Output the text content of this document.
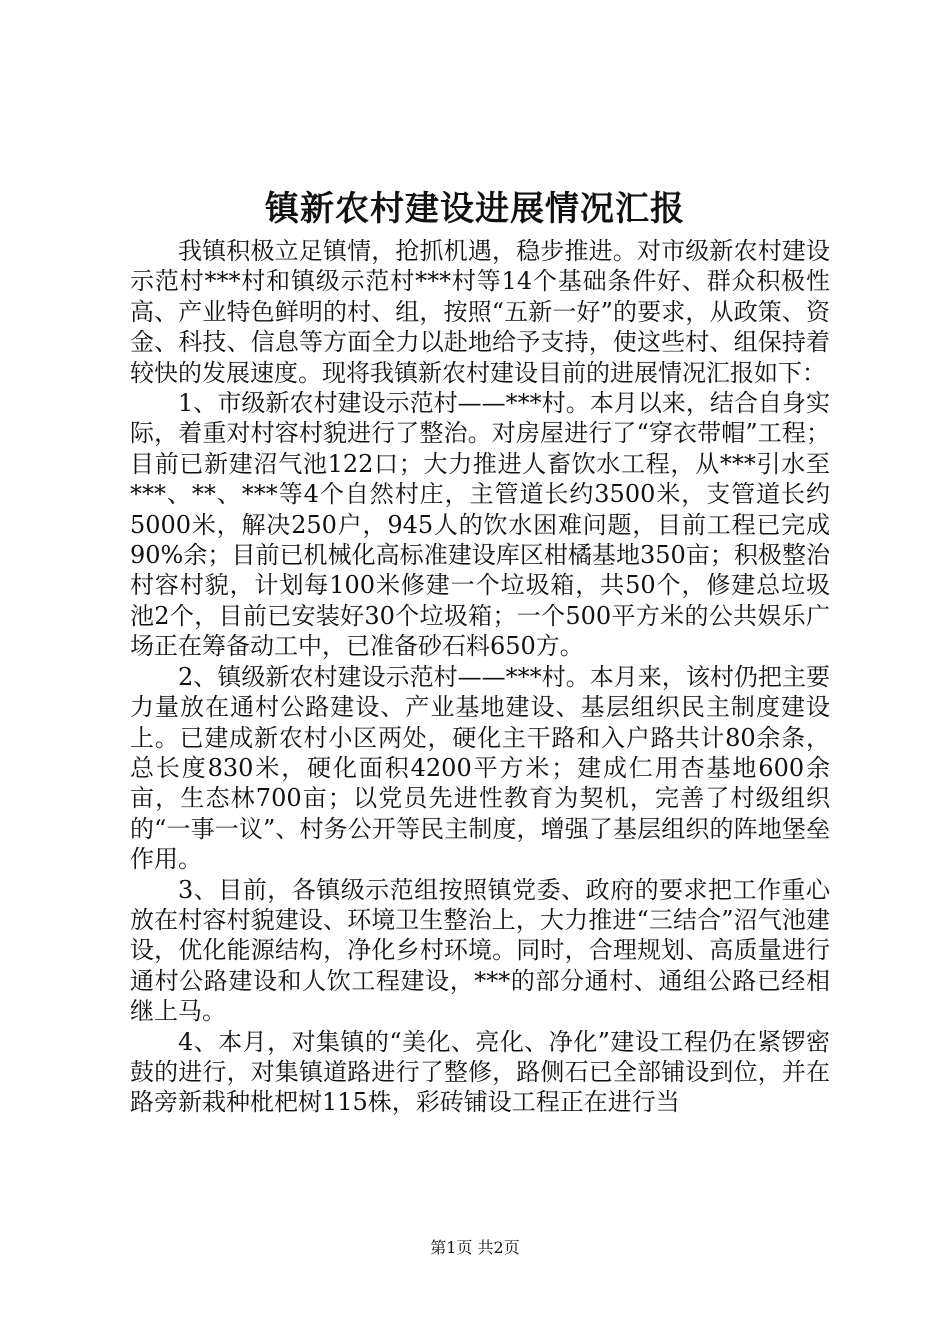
镇新农村建设进展情况汇报

我镇积极立足镇情，抢抓机遇，稳步推进。对市级新农村建设示范村***村和镇级示范村***村等14个基础条件好、群众积极性高、产业特色鲜明的村、组，按照“五新一好”的要求，从政策、资金、科技、信息等方面全力以赴地给予支持，使这些村、组保持着较快的发展速度。现将我镇新农村建设目前的进展情况汇报如下：

1、市级新农村建设示范村——***村。本月以来，结合自身实际，着重对村容村貌进行了整治。对房屋进行了“穿衣带帽”工程；目前已新建沼气池122口；大力推进人畜饮水工程，从***引水至***、**、***等4个自然村庄，主管道长约3500米，支管道长约5000米，解决250户，945人的饮水困难问题，目前工程已完成90%余；目前已机械化高标准建设库区柑橘基地350亩；积极整治村容村貌，计划每100米修建一个垃圾箱，共50个，修建总垃圾池2个，目前已安装好30个垃圾箱；一个500平方米的公共娱乐广场正在筹备动工中，已准备砂石料650方。

2、镇级新农村建设示范村——***村。本月来，该村仍把主要力量放在通村公路建设、产业基地建设、基层组织民主制度建设上。已建成新农村小区两处，硬化主干路和入户路共计80余条，总长度830米，硬化面积4200平方米；建成仁用杏基地600余亩，生态林700亩；以党员先进性教育为契机，完善了村级组织的“一事一议”、村务公开等民主制度，增强了基层组织的阵地堡垒作用。

3、目前，各镇级示范组按照镇党委、政府的要求把工作重心放在村容村貌建设、环境卫生整治上，大力推进“三结合”沼气池建设，优化能源结构，净化乡村环境。同时，合理规划、高质量进行通村公路建设和人饮工程建设，***的部分通村、通组公路已经相继上马。

4、本月，对集镇的“美化、亮化、净化”建设工程仍在紧锣密鼓的进行，对集镇道路进行了整修，路侧石已全部铺设到位，并在路旁新栽种枇杷树115株，彩砖铺设工程正在进行当

第1页 共2页
